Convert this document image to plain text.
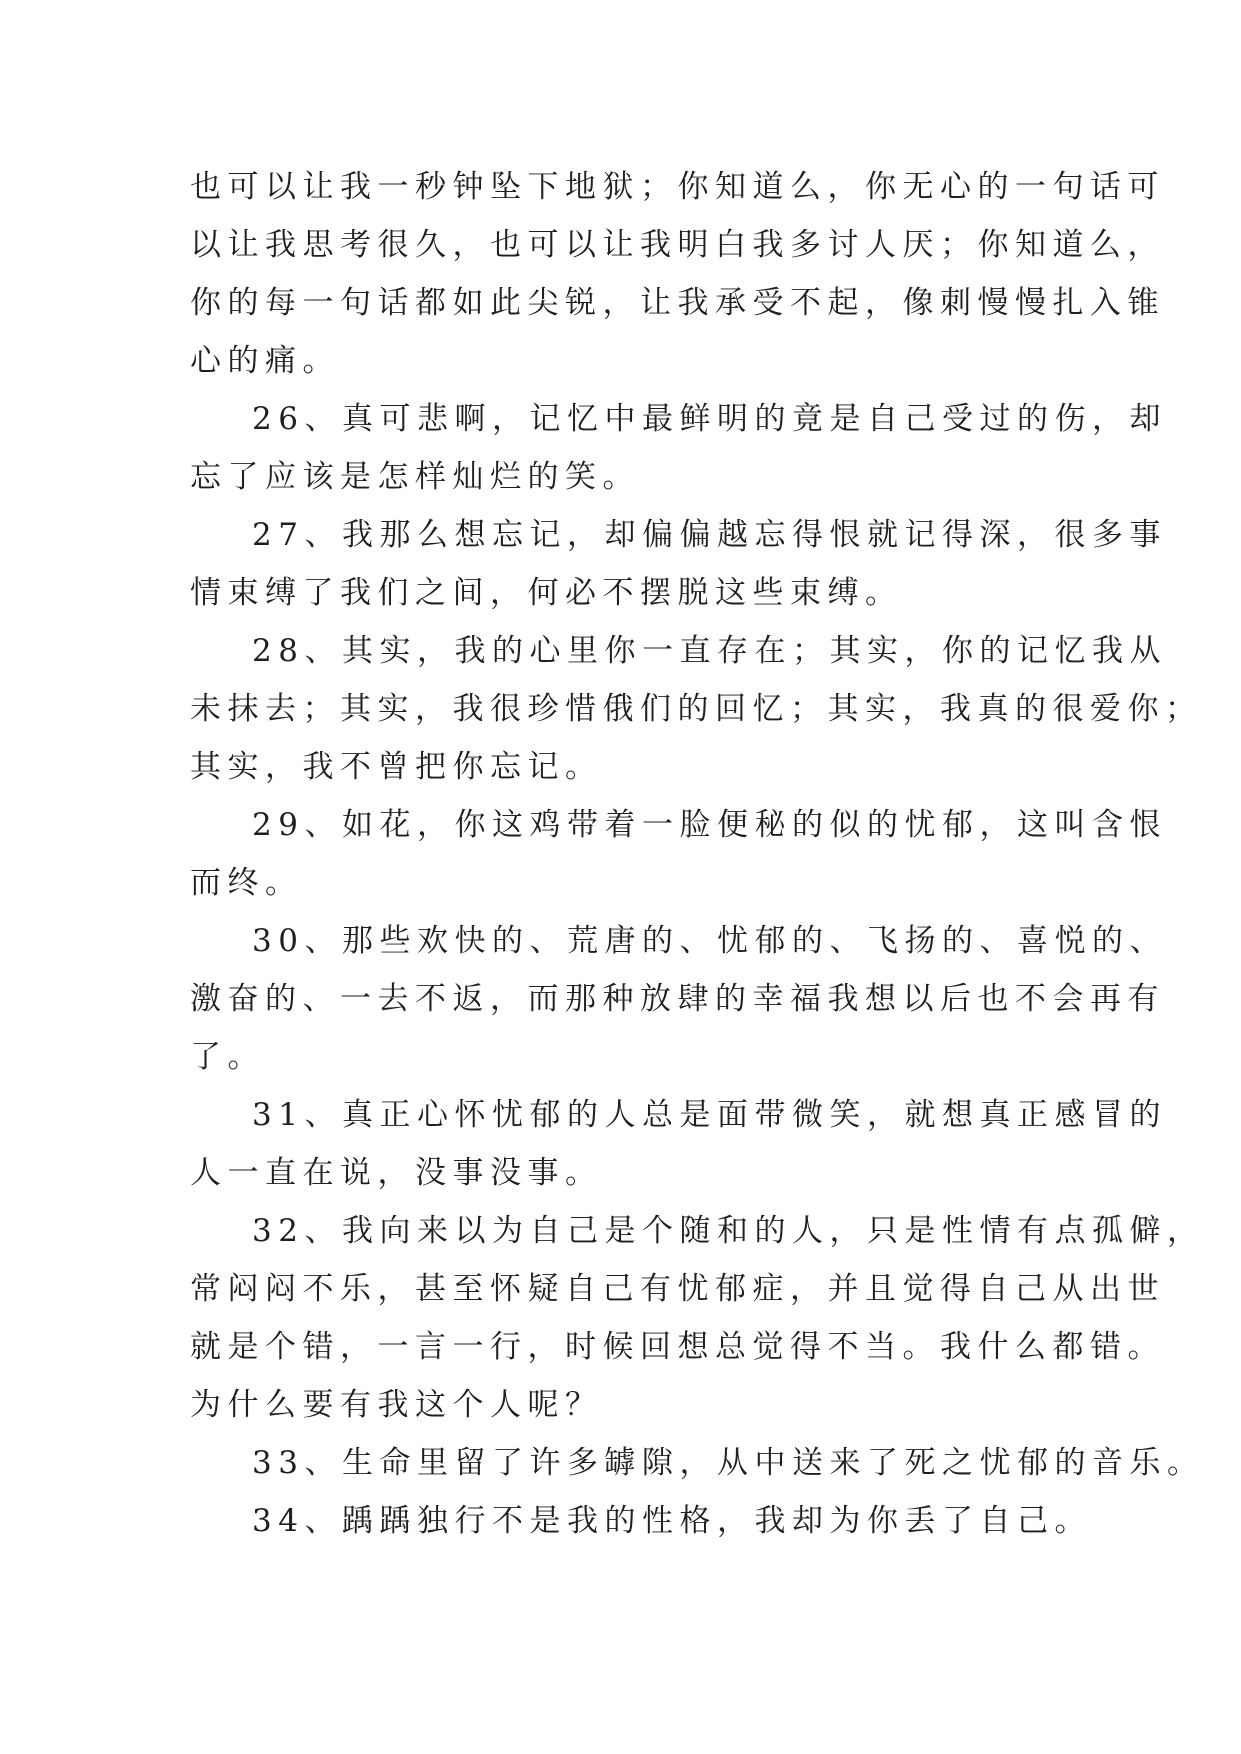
也可以让我一秒钟坠下地狱；你知道么，你无心的一句话可
以让我思考很久，也可以让我明白我多讨人厌；你知道么，
你的每一句话都如此尖锐，让我承受不起，像刺慢慢扎入锥
心的痛。
26、真可悲啊，记忆中最鲜明的竟是自己受过的伤，却
忘了应该是怎样灿烂的笑。
27、我那么想忘记，却偏偏越忘得恨就记得深，很多事
情束缚了我们之间，何必不摆脱这些束缚。
28、其实，我的心里你一直存在；其实，你的记忆我从
未抹去；其实，我很珍惜俄们的回忆；其实，我真的很爱你；
其实，我不曾把你忘记。
29、如花，你这鸡带着一脸便秘的似的忧郁，这叫含恨
而终。
30、那些欢快的、荒唐的、忧郁的、飞扬的、喜悦的、
激奋的、一去不返，而那种放肆的幸福我想以后也不会再有
了。
31、真正心怀忧郁的人总是面带微笑，就想真正感冒的
人一直在说，没事没事。
32、我向来以为自己是个随和的人，只是性情有点孤僻，
常闷闷不乐，甚至怀疑自己有忧郁症，并且觉得自己从出世
就是个错，一言一行，时候回想总觉得不当。我什么都错。
为什么要有我这个人呢？
33、生命里留了许多罅隙，从中送来了死之忧郁的音乐。
34、踽踽独行不是我的性格，我却为你丢了自己。
